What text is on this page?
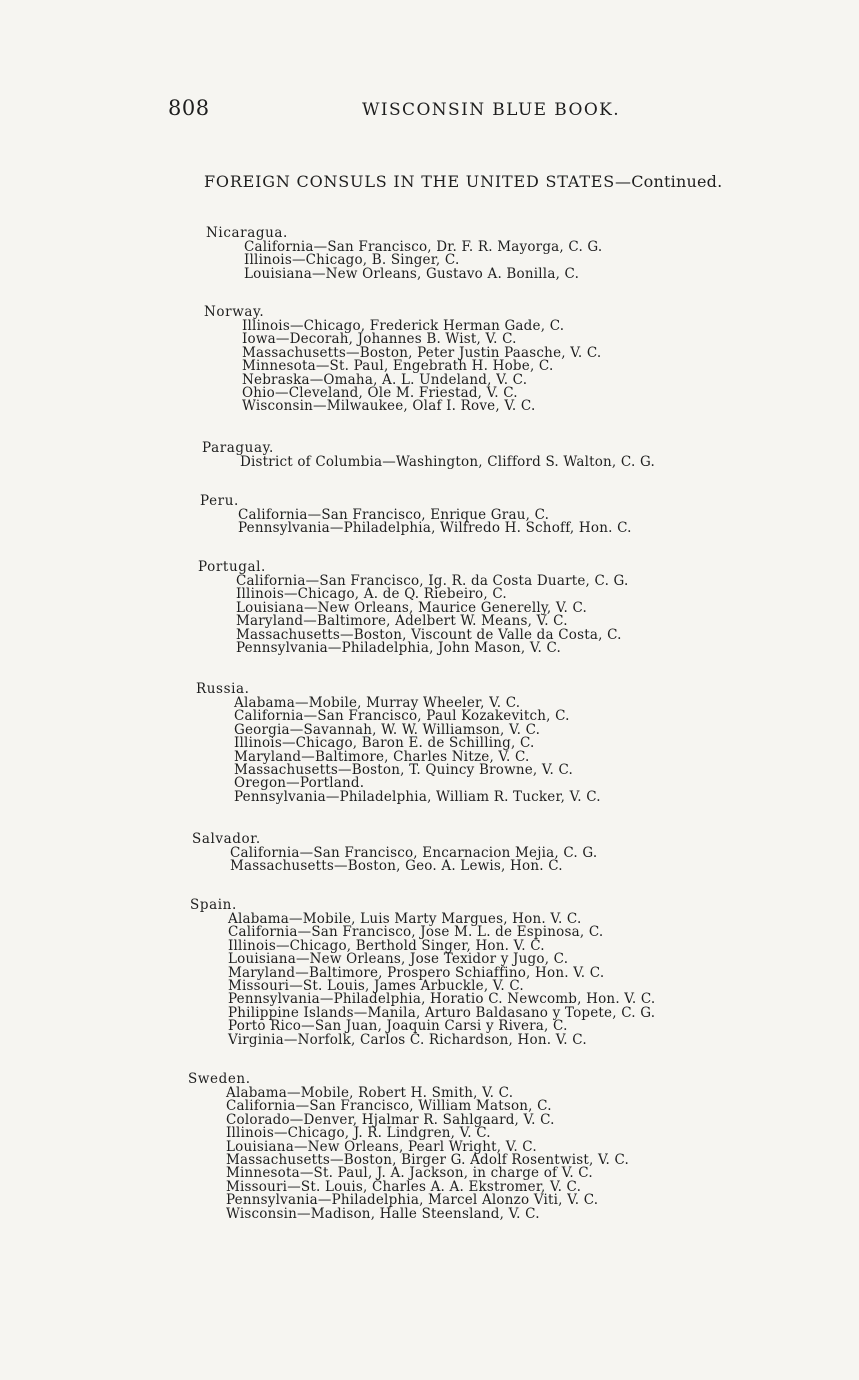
808	WISCONSIN BLUE BOOK.
FOREIGN CONSULS IN THE UNITED STATES—Continued.
Nicaragua.
California—San Francisco, Dr. F. R. Mayorga, C. G.
Illinois—Chicago, B. Singer, C.
Louisiana—New Orleans, Gustavo A. Bonilla, C.
Norway.
Illinois—Chicago, Frederick Herman Gade, C.
Iowa—Decorah, Johannes B. Wist, V. C.
Massachusetts—Boston, Peter Justin Paasche, V. C.
Minnesota—St. Paul, Engebrath H. Hobe, C.
Nebraska—Omaha, A. L. Undeland, V. C.
Ohio—Cleveland, Ole M. Friestad, V. C.
Wisconsin—Milwaukee, Olaf I. Rove, V. C.
Paraguay.
District of Columbia—Washington, Clifford S. Walton, C. G.
Peru.
California—San Francisco, Enrique Grau, C.
Pennsylvania—Philadelphia, Wilfredo H. Schoff, Hon. C.
Portugal.
California—San Francisco, Ig. R. da Costa Duarte, C. G.
Illinois—Chicago, A. de Q. Riebeiro, C.
Louisiana—New Orleans, Maurice Generelly, V. C.
Maryland—Baltimore, Adelbert W. Means, V. C.
Massachusetts—Boston, Viscount de Valle da Costa, C.
Pennsylvania—Philadelphia, John Mason, V. C.
Russia.
Alabama—Mobile, Murray Wheeler, V. C.
California—San Francisco, Paul Kozakevitch, C.
Georgia—Savannah, W. W. Williamson, V. C.
Illinois—Chicago, Baron E. de Schilling, C.
Maryland—Baltimore, Charles Nitze, V. C.
Massachusetts—Boston, T. Quincy Browne, V. C.
Oregon—Portland.
Pennsylvania—Philadelphia, William R. Tucker, V. C.
Salvador.
California—San Francisco, Encarnacion Mejia, C. G.
Massachusetts—Boston, Geo. A. Lewis, Hon. C.
Spain.
Alabama—Mobile, Luis Marty Margues, Hon. V. C.
California—San Francisco, Jose M. L. de Espinosa, C.
Illinois—Chicago, Berthold Singer, Hon. V. C.
Louisiana—New Orleans, Jose Texidor y Jugo, C.
Maryland—Baltimore, Prospero Schiaffino, Hon. V. C.
Missouri—St. Louis, James Arbuckle, V. C.
Pennsylvania—Philadelphia, Horatio C. Newcomb, Hon. V. C.
Philippine Islands—Manila, Arturo Baldasano y Topete, C. G.
Porto Rico—San Juan, Joaquin Carsi y Rivera, C.
Virginia—Norfolk, Carlos C. Richardson, Hon. V. C.
Sweden.
Alabama—Mobile, Robert H. Smith, V. C.
California—San Francisco, William Matson, C.
Colorado—Denver, Hjalmar R. Sahlgaard, V. C.
Illinois—Chicago, J. R. Lindgren, V. C.
Louisiana—New Orleans, Pearl Wright, V. C.
Massachusetts—Boston, Birger G. Adolf Rosentwist, V. C.
Minnesota—St. Paul, J. A. Jackson, in charge of V. C.
Missouri—St. Louis, Charles A. A. Ekstromer, V. C.
Pennsylvania—Philadelphia, Marcel Alonzo Viti, V. C.
Wisconsin—Madison, Halle Steensland, V. C.
